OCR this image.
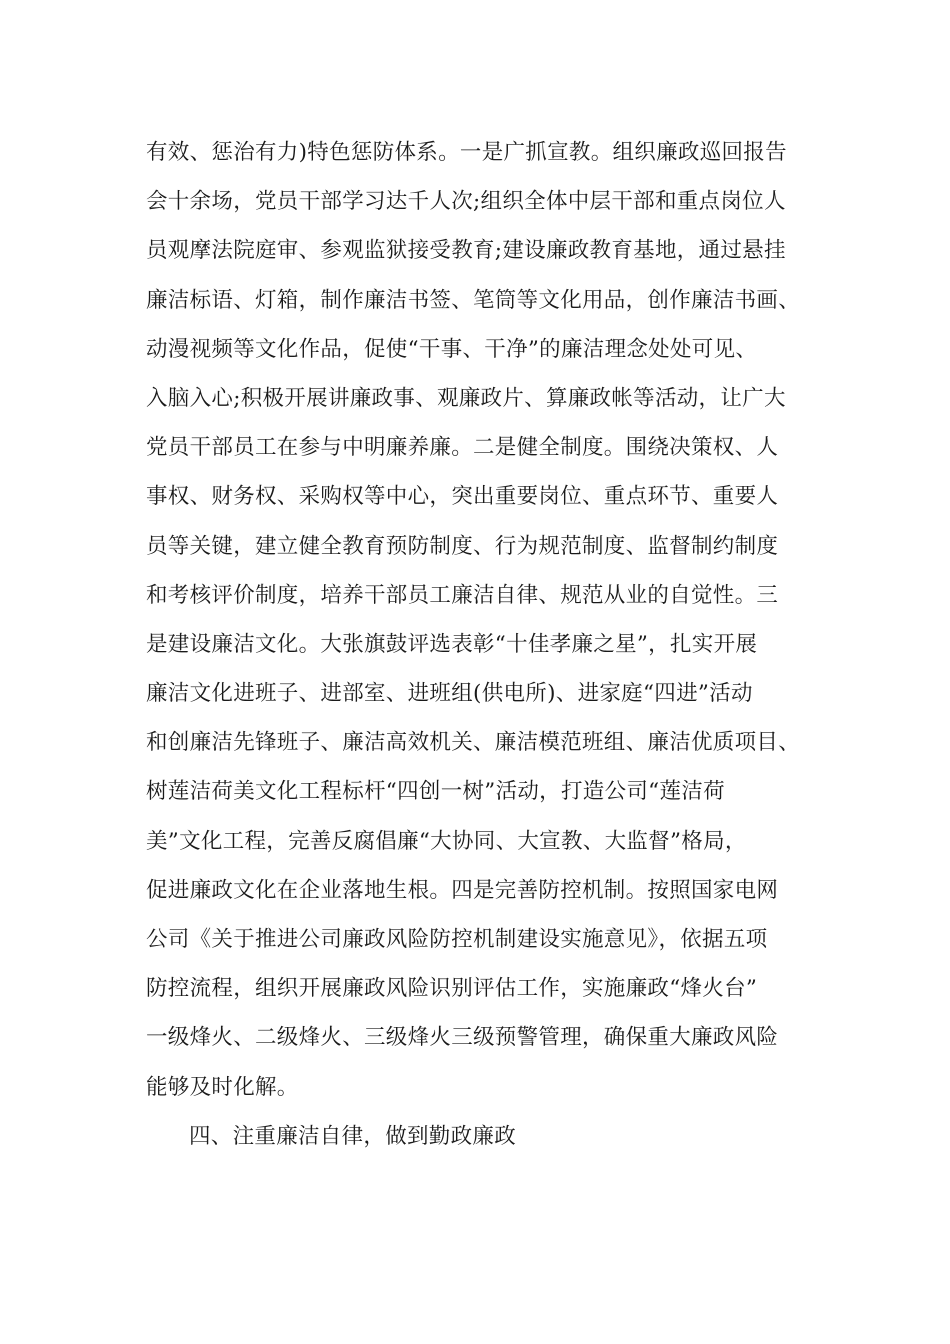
有效、惩治有力)特色惩防体系。一是广抓宣教。组织廉政巡回报告
会十余场，党员干部学习达千人次;组织全体中层干部和重点岗位人
员观摩法院庭审、参观监狱接受教育;建设廉政教育基地，通过悬挂
廉洁标语、灯箱，制作廉洁书签、笔筒等文化用品，创作廉洁书画、
动漫视频等文化作品，促使“干事、干净”的廉洁理念处处可见、
入脑入心;积极开展讲廉政事、观廉政片、算廉政帐等活动，让广大
党员干部员工在参与中明廉养廉。二是健全制度。围绕决策权、人
事权、财务权、采购权等中心，突出重要岗位、重点环节、重要人
员等关键，建立健全教育预防制度、行为规范制度、监督制约制度
和考核评价制度，培养干部员工廉洁自律、规范从业的自觉性。三
是建设廉洁文化。大张旗鼓评选表彰“十佳孝廉之星”，扎实开展
廉洁文化进班子、进部室、进班组(供电所)、进家庭“四进”活动
和创廉洁先锋班子、廉洁高效机关、廉洁模范班组、廉洁优质项目、
树莲洁荷美文化工程标杆“四创一树”活动，打造公司“莲洁荷
美”文化工程，完善反腐倡廉“大协同、大宣教、大监督”格局，
促进廉政文化在企业落地生根。四是完善防控机制。按照国家电网
公司《关于推进公司廉政风险防控机制建设实施意见》，依据五项
防控流程，组织开展廉政风险识别评估工作，实施廉政“烽火台”
一级烽火、二级烽火、三级烽火三级预警管理，确保重大廉政风险
能够及时化解。
四、注重廉洁自律，做到勤政廉政
